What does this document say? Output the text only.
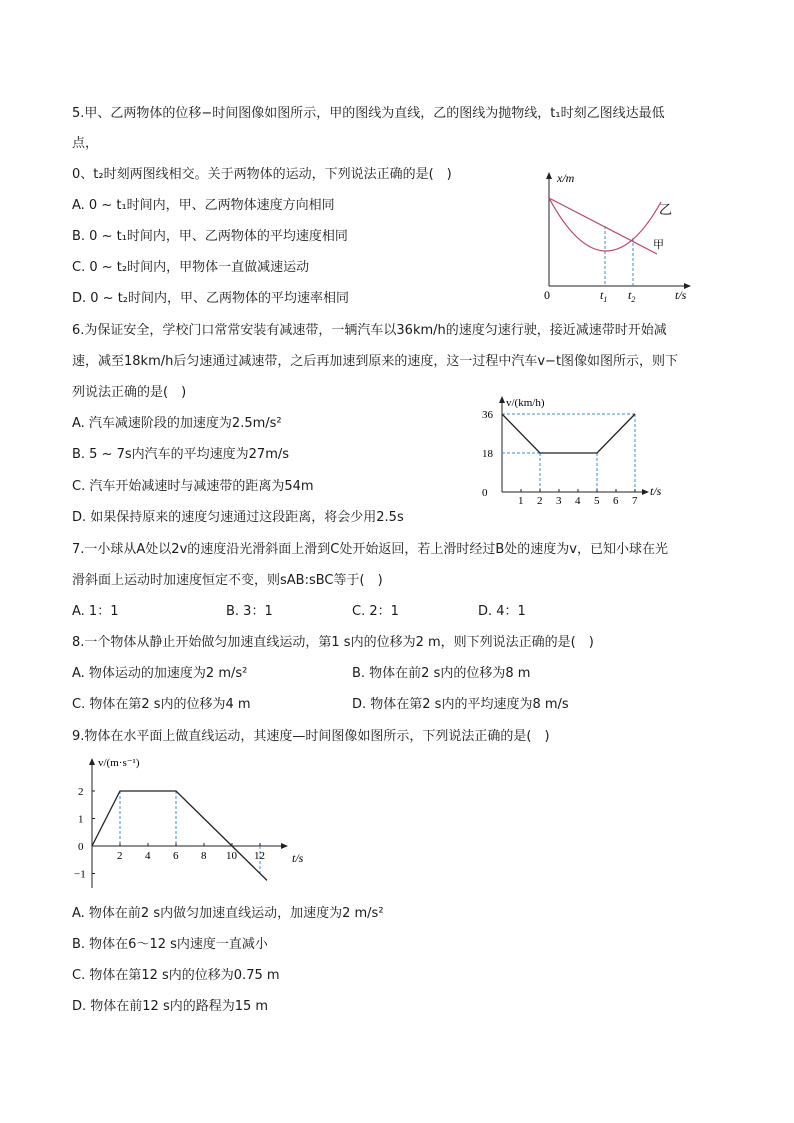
5.甲、乙两物体的位移−时间图像如图所示，甲的图线为直线，乙的图线为抛物线，t₁时刻乙图线达最低
点，
0、t₂时刻两图线相交。关于两物体的运动，下列说法正确的是(　)
A. 0 ~ t₁时间内，甲、乙两物体速度方向相同
B. 0 ~ t₁时间内，甲、乙两物体的平均速度相同
C. 0 ~ t₂时间内，甲物体一直做减速运动
D. 0 ~ t₂时间内，甲、乙两物体的平均速率相同
x/m
t/s
0
乙
甲
$t_1$ $t_2$
6.为保证安全，学校门口常常安装有减速带，一辆汽车以36km/h的速度匀速行驶，接近减速带时开始减
速，减至18km/h后匀速通过减速带，之后再加速到原来的速度，这一过程中汽车v−t图像如图所示，则下
列说法正确的是(　)
A. 汽车减速阶段的加速度为2.5m/s²
B. 5 ~ 7s内汽车的平均速度为27m/s
C. 汽车开始减速时与减速带的距离为54m
D. 如果保持原来的速度匀速通过这段距离，将会少用2.5s
v/(km/h)
t/s
1 2 3 4 5 6 7
36
18
0
7.一小球从A处以2v的速度沿光滑斜面上滑到C处开始返回，若上滑时经过B处的速度为v，已知小球在光
滑斜面上运动时加速度恒定不变，则sAB:sBC等于(　)
A. 1：1	B. 3：1	C. 2：1	D. 4：1
8.一个物体从静止开始做匀加速直线运动，第1 s内的位移为2 m，则下列说法正确的是(　)
A. 物体运动的加速度为2 m/s²	B. 物体在前2 s内的位移为8 m
C. 物体在第2 s内的位移为4 m	D. 物体在第2 s内的平均速度为8 m/s
9.物体在水平面上做直线运动，其速度—时间图像如图所示，下列说法正确的是(　)
v/(m·s⁻¹)
t/s
2 4 6 8 10 12
2
1
0
−1
A. 物体在前2 s内做匀加速直线运动，加速度为2 m/s²
B. 物体在6～12 s内速度一直减小
C. 物体在第12 s内的位移为0.75 m
D. 物体在前12 s内的路程为15 m
